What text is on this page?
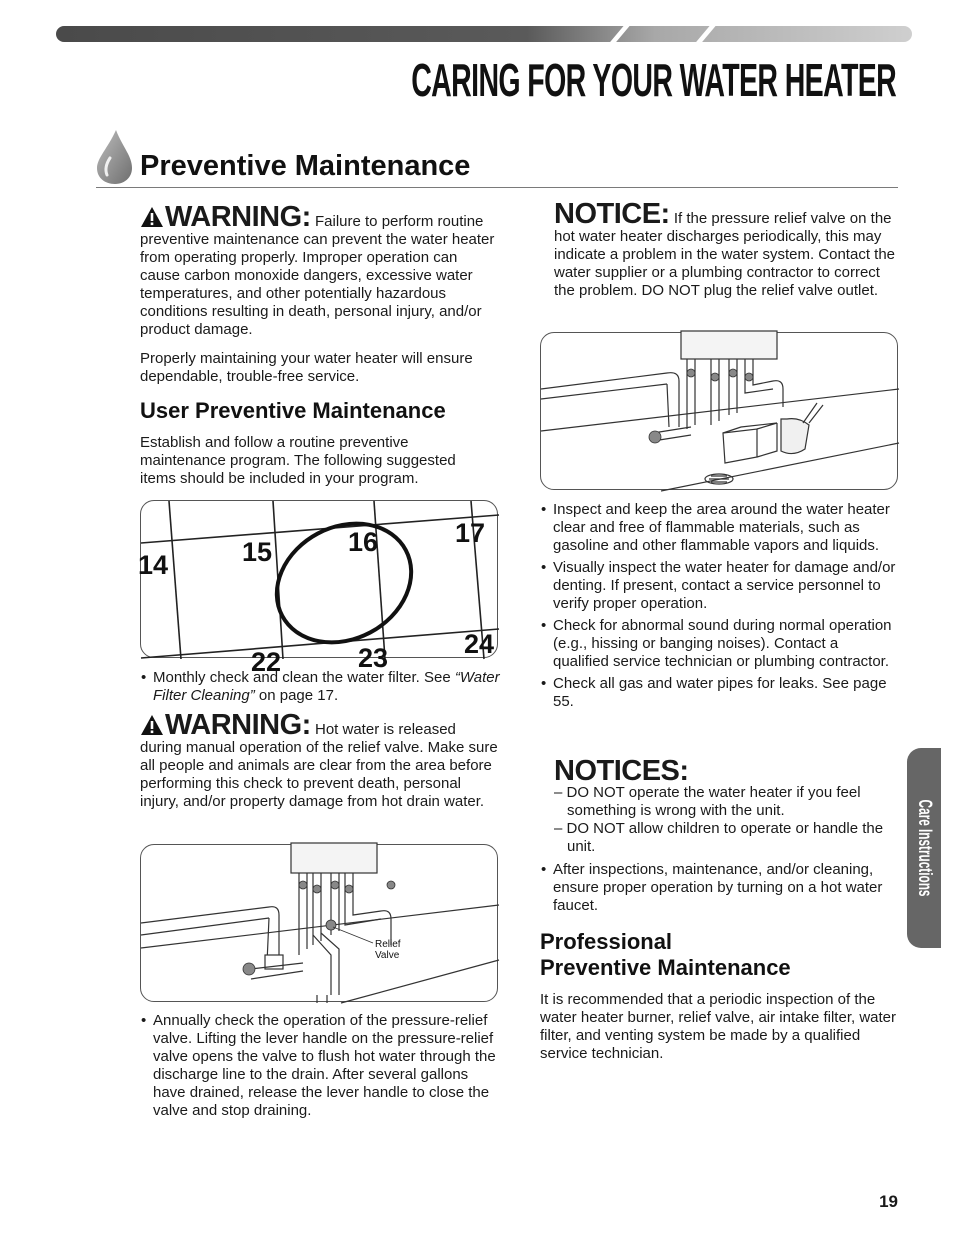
CARING FOR YOUR WATER HEATER
Preventive Maintenance

WARNING: Failure to perform routine preventive maintenance can prevent the water heater from operating properly. Improper operation can cause carbon monoxide dangers, excessive water temperatures, and other potentially hazardous conditions resulting in death, personal injury, and/or product damage.

Properly maintaining your water heater will ensure dependable, trouble-free service.
User Preventive Maintenance
Establish and follow a routine preventive maintenance program. The following suggested items should be included in your program.
14	15	16	17
23	24
22
• Monthly check and clean the water filter. See “Water Filter Cleaning” on page 17.

WARNING: Hot water is released during manual operation of the relief valve. Make sure all people and animals are clear from the area before performing this check to prevent death, personal injury, and/or property damage from hot drain water.

Relief
Valve
• Annually check the operation of the pressure-relief valve. Lifting the lever handle on the pressure-relief valve opens the valve to flush hot water through the discharge line to the drain. After several gallons have drained, release the lever handle to close the valve and stop draining.

NOTICE: If the pressure relief valve on the hot water heater discharges periodically, this may indicate a problem in the water system. Contact the water supplier or a plumbing contractor to correct the problem. DO NOT plug the relief valve outlet.

• Inspect and keep the area around the water heater clear and free of flammable materials, such as gasoline and other flammable vapors and liquids.
• Visually inspect the water heater for damage and/or denting. If present, contact a service personnel to verify proper operation.
• Check for abnormal sound during normal operation (e.g., hissing or banging noises). Contact a qualified service technician or plumbing contractor.
• Check all gas and water pipes for leaks. See page 55.
NOTICES:
– DO NOT operate the water heater if you feel something is wrong with the unit.
– DO NOT allow children to operate or handle the unit.
• After inspections, maintenance, and/or cleaning, ensure proper operation by turning on a hot water faucet.
Professional
Preventive Maintenance
It is recommended that a periodic inspection of the water heater burner, relief valve, air intake filter, water filter, and venting system be made by a qualified service technician.
Care Instructions
19
